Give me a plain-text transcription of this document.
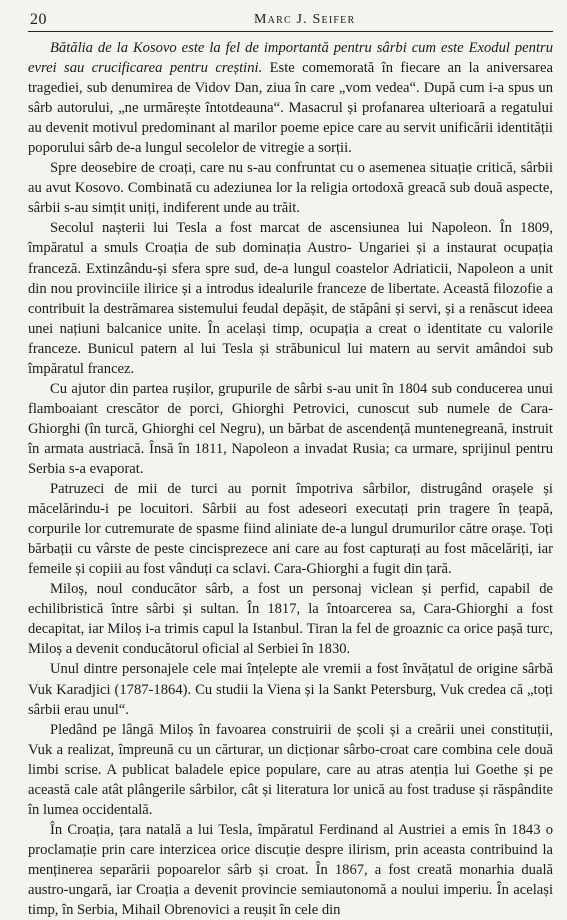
20	Marc J. Seifer

Bătălia de la Kosovo este la fel de importantă pentru sârbi cum este Exodul pentru evrei sau crucificarea pentru creștini. Este comemorată în fiecare an la aniversarea tragediei, sub denumirea de Vidov Dan, ziua în care „vom vedea“. După cum i-a spus un sârb autorului, „ne urmărește întotdeauna“. Masacrul și profanarea ulterioară a regatului au devenit motivul predominant al marilor poeme epice care au servit unificării identității poporului sârb de-a lungul secolelor de vitregie a sorții.

Spre deosebire de croați, care nu s-au confruntat cu o asemenea situație critică, sârbii au avut Kosovo. Combinată cu adeziunea lor la religia ortodoxă greacă sub două aspecte, sârbii s-au simțit uniți, indiferent unde au trăit.

Secolul nașterii lui Tesla a fost marcat de ascensiunea lui Napoleon. În 1809, împăratul a smuls Croația de sub dominația Austro- Ungariei și a instaurat ocupația franceză. Extinzându-și sfera spre sud, de-a lungul coastelor Adriaticii, Napoleon a unit din nou provinciile ilirice și a introdus idealurile franceze de libertate. Această filozofie a contribuit la destrămarea sistemului feudal depășit, de stăpâni și servi, și a renăscut ideea unei națiuni balcanice unite. În același timp, ocupația a creat o identitate cu valorile franceze. Bunicul patern al lui Tesla și străbunicul lui matern au servit amândoi sub împăratul francez.

Cu ajutor din partea rușilor, grupurile de sârbi s-au unit în 1804 sub conducerea unui flamboaiant crescător de porci, Ghiorghi Petrovici, cunoscut sub numele de Cara-Ghiorghi (în turcă, Ghiorghi cel Negru), un bărbat de ascendență muntenegreană, instruit în armata austriacă. Însă în 1811, Napoleon a invadat Rusia; ca urmare, sprijinul pentru Serbia s-a evaporat.

Patruzeci de mii de turci au pornit împotriva sârbilor, distrugând orașele și măcelărindu-i pe locuitori. Sârbii au fost adeseori executați prin tragere în țeapă, corpurile lor cutremurate de spasme fiind aliniate de-a lungul drumurilor către orașe. Toți bărbații cu vârste de peste cincisprezece ani care au fost capturați au fost măcelăriți, iar femeile și copiii au fost vânduți ca sclavi. Cara-Ghiorghi a fugit din țară.

Miloș, noul conducător sârb, a fost un personaj viclean și perfid, capabil de echilibristică între sârbi și sultan. În 1817, la întoarcerea sa, Cara-Ghiorghi a fost decapitat, iar Miloș i-a trimis capul la Istanbul. Tiran la fel de groaznic ca orice pașă turc, Miloș a devenit conducătorul oficial al Serbiei în 1830.

Unul dintre personajele cele mai înțelepte ale vremii a fost învățatul de origine sârbă Vuk Karadjici (1787-1864). Cu studii la Viena și la Sankt Petersburg, Vuk credea că „toți sârbii erau unul“.

Pledând pe lângă Miloș în favoarea construirii de școli și a creării unei constituții, Vuk a realizat, împreună cu un cărturar, un dicționar sârbo-croat care combina cele două limbi scrise. A publicat baladele epice populare, care au atras atenția lui Goethe și pe această cale atât plângerile sârbilor, cât și literatura lor unică au fost traduse și răspândite în lumea occidentală.

În Croația, țara natală a lui Tesla, împăratul Ferdinand al Austriei a emis în 1843 o proclamație prin care interzicea orice discuție despre ilirism, prin aceasta contribuind la menținerea separării popoarelor sârb și croat. În 1867, a fost creată monarhia duală austro-ungară, iar Croația a devenit provincie semiautonomă a noului imperiu. În același timp, în Serbia, Mihail Obrenovici a reușit în cele din
